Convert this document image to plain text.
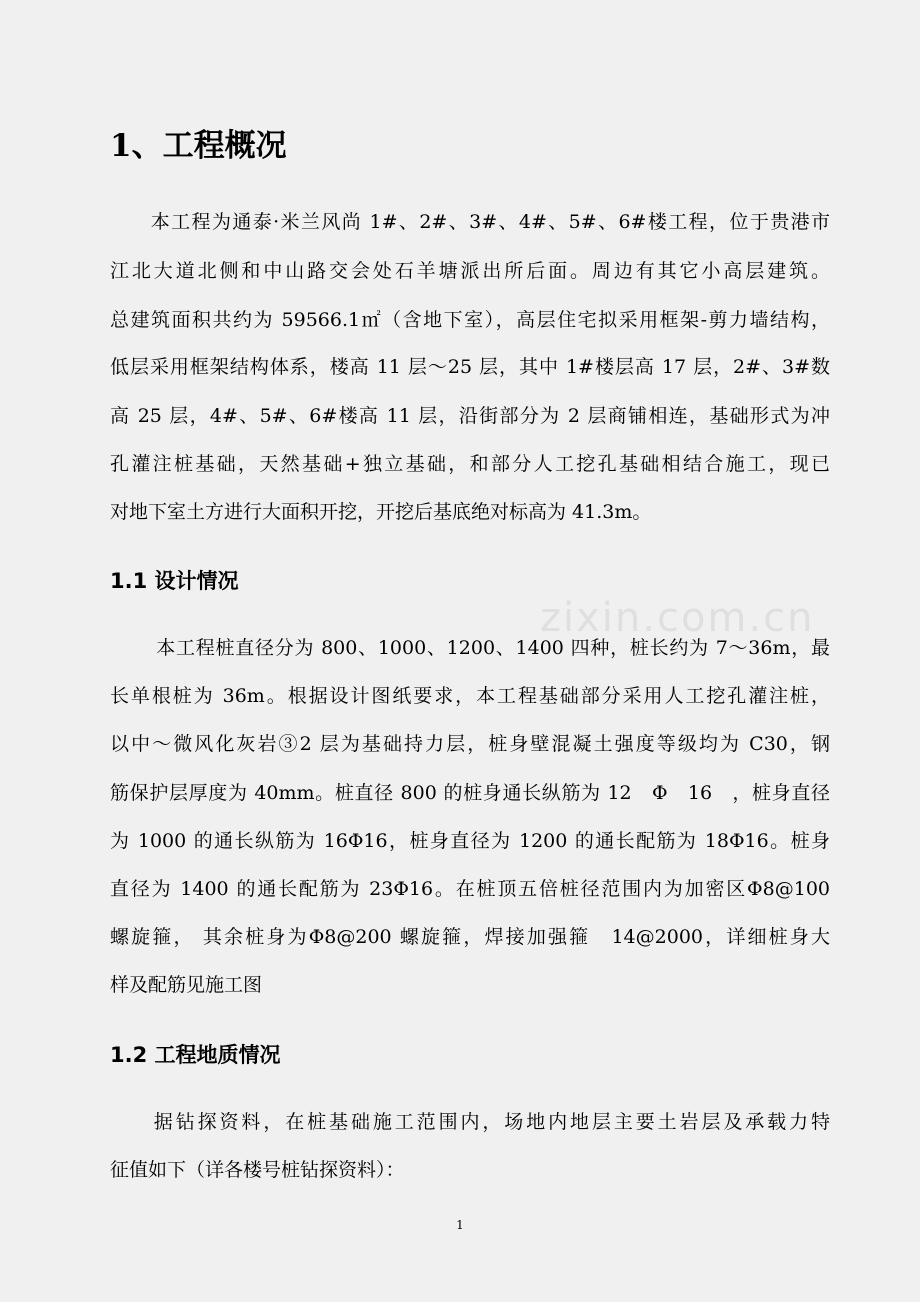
1、工程概况
　　本工程为通泰·米兰风尚 1#、2#、3#、4#、5#、6#楼工程，位于贵港市
江北大道北侧和中山路交会处石羊塘派出所后面。周边有其它小高层建筑。
总建筑面积共约为 59566.1㎡（含地下室），高层住宅拟采用框架-剪力墙结构，
低层采用框架结构体系，楼高 11 层～25 层，其中 1#楼层高 17 层，2#、3#数
高 25 层，4#、5#、6#楼高 11 层，沿街部分为 2 层商铺相连，基础形式为冲
孔灌注桩基础，天然基础+独立基础，和部分人工挖孔基础相结合施工，现已
对地下室土方进行大面积开挖，开挖后基底绝对标高为 41.3m。
1.1 设计情况
　　 本工程桩直径分为 800、1000、1200、1400 四种，桩长约为 7～36m，最
长单根桩为 36m。根据设计图纸要求，本工程基础部分采用人工挖孔灌注桩，
以中～微风化灰岩③2 层为基础持力层，桩身壁混凝土强度等级均为 C30，钢
筋保护层厚度为 40mm。桩直径 800 的桩身通长纵筋为 12　Φ　16　，桩身直径
为 1000 的通长纵筋为 16Φ16，桩身直径为 1200 的通长配筋为 18Φ16。桩身
直径为 1400 的通长配筋为 23Φ16。在桩顶五倍桩径范围内为加密区Φ8@100
螺旋箍， 其余桩身为Φ8@200 螺旋箍，焊接加强箍　14@2000，详细桩身大
样及配筋见施工图
1.2 工程地质情况
　　据钻探资料，在桩基础施工范围内，场地内地层主要土岩层及承载力特
征值如下（详各楼号桩钻探资料）：
zixin.com.cn
1
